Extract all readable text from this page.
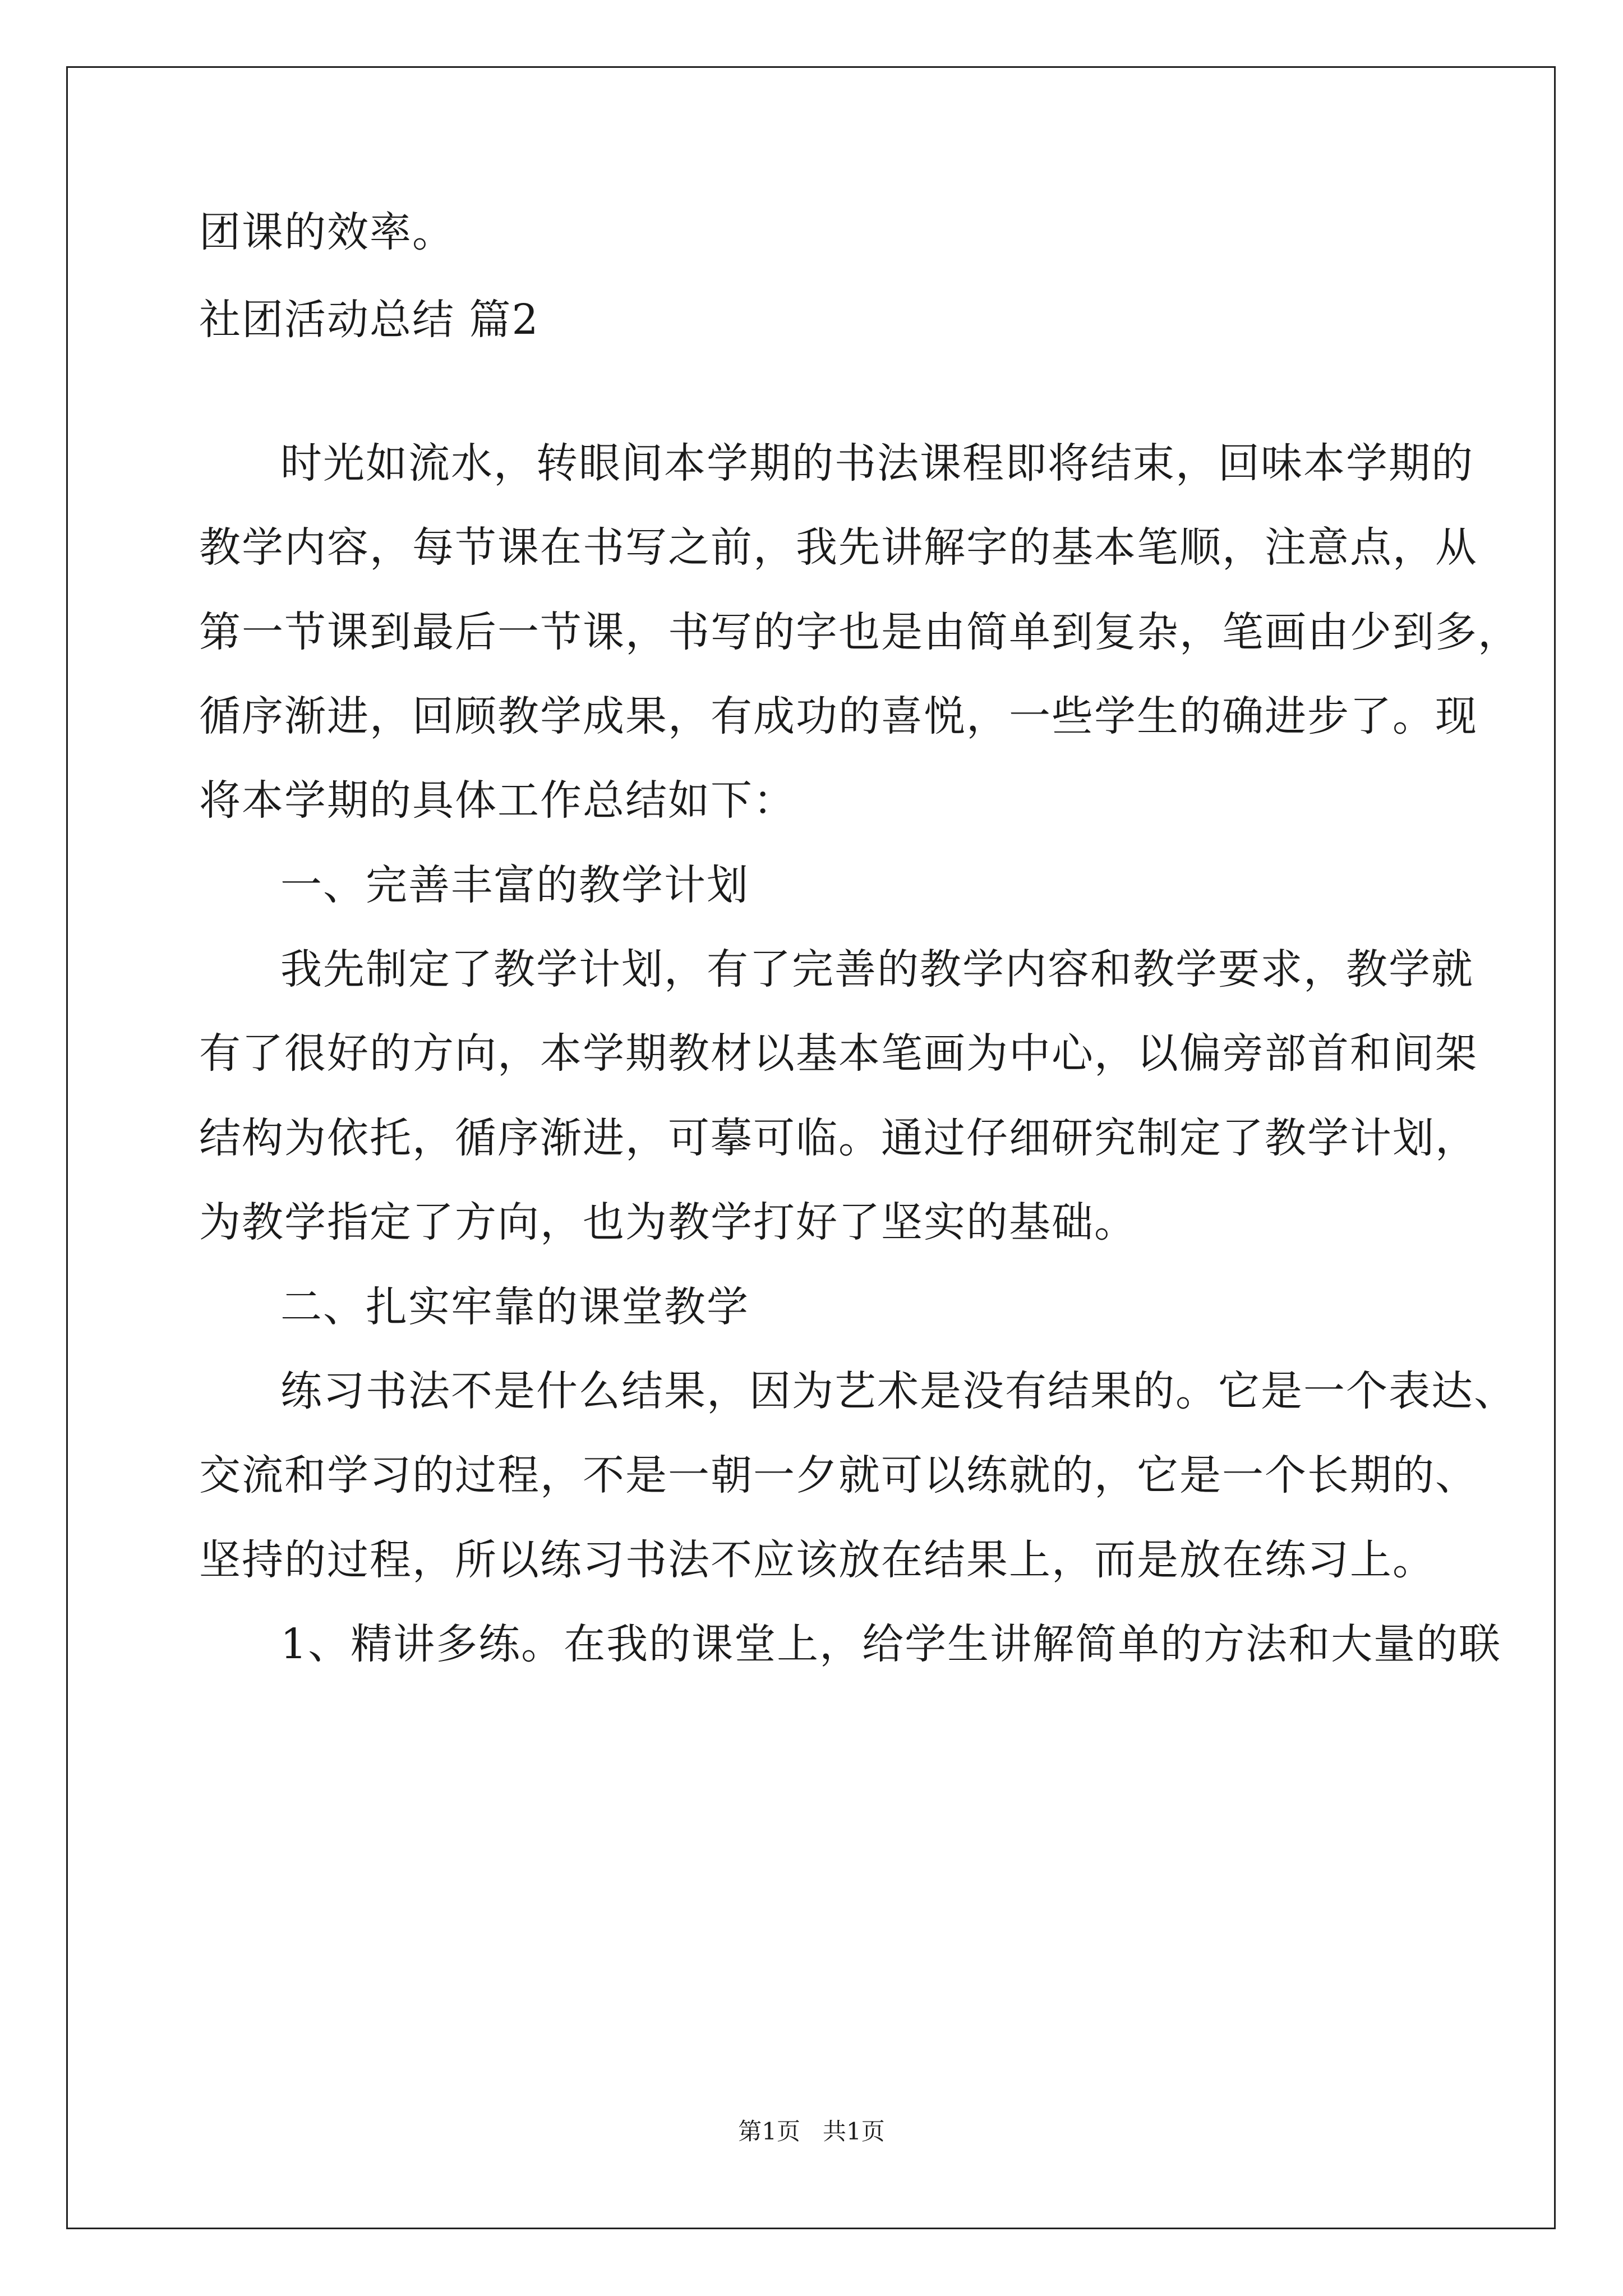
团课的效率。
社团活动总结 篇2
时光如流水，转眼间本学期的书法课程即将结束，回味本学期的
教学内容，每节课在书写之前，我先讲解字的基本笔顺，注意点，从
第一节课到最后一节课，书写的字也是由简单到复杂，笔画由少到多，
循序渐进，回顾教学成果，有成功的喜悦，一些学生的确进步了。现
将本学期的具体工作总结如下：
一、完善丰富的教学计划
我先制定了教学计划，有了完善的教学内容和教学要求，教学就
有了很好的方向，本学期教材以基本笔画为中心，以偏旁部首和间架
结构为依托，循序渐进，可摹可临。通过仔细研究制定了教学计划，
为教学指定了方向，也为教学打好了坚实的基础。
二、扎实牢靠的课堂教学
练习书法不是什么结果，因为艺术是没有结果的。它是一个表达、
交流和学习的过程，不是一朝一夕就可以练就的，它是一个长期的、
坚持的过程，所以练习书法不应该放在结果上，而是放在练习上。
1、精讲多练。在我的课堂上，给学生讲解简单的方法和大量的联
第1页   共1页
